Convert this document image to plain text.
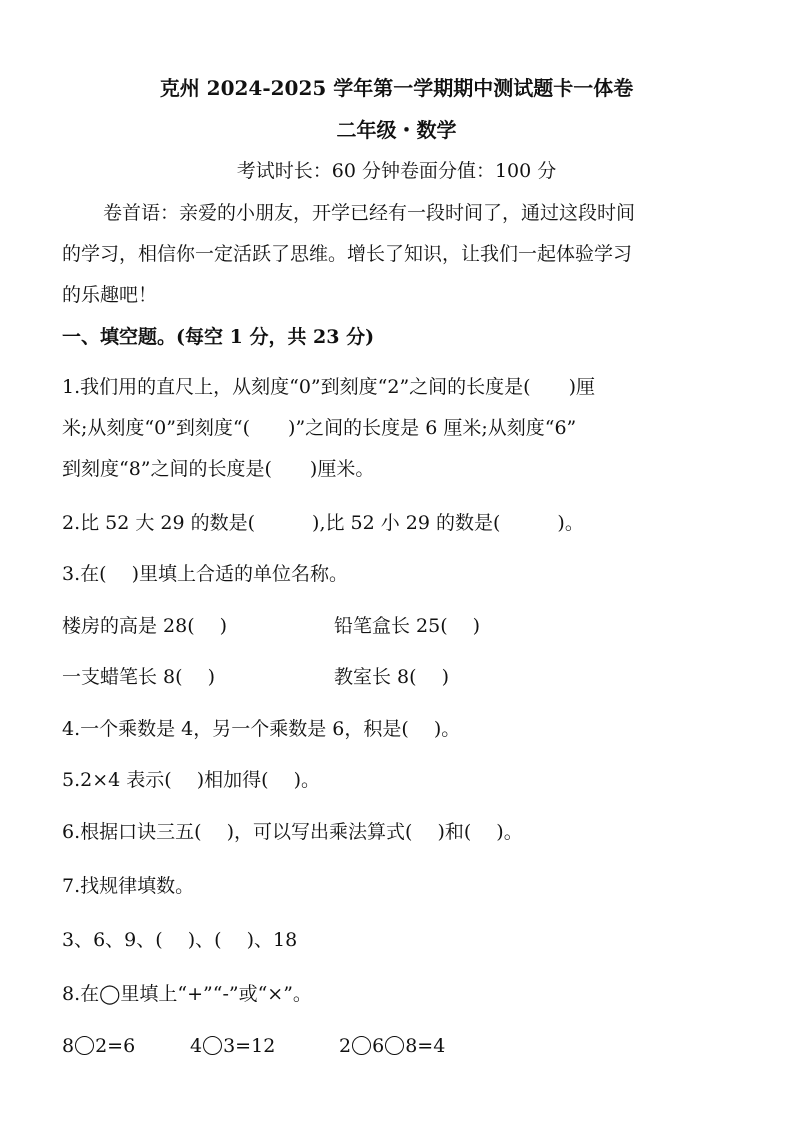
克州 2024-2025 学年第一学期期中测试题卡一体卷
二年级・数学
考试时长：60 分钟卷面分值：100 分
卷首语：亲爱的小朋友，开学已经有一段时间了，通过这段时间
的学习，相信你一定活跃了思维。增长了知识，让我们一起体验学习
的乐趣吧！
一、填空题。(每空 1 分，共 23 分)
1.我们用的直尺上，从刻度“0”到刻度“2”之间的长度是(　　)厘
米;从刻度“0”到刻度“(　　)”之间的长度是 6 厘米;从刻度“6”
到刻度“8”之间的长度是(　　)厘米。
2.比 52 大 29 的数是(　　　),比 52 小 29 的数是(　　　)。
3.在(　 )里填上合适的单位名称。
楼房的高是 28(　 )	铅笔盒长 25(　 )
一支蜡笔长 8(　 )	教室长 8(　 )
4.一个乘数是 4，另一个乘数是 6，积是(　 )。
5.2×4 表示(　 )相加得(　 )。
6.根据口诀三五(　 )，可以写出乘法算式(　 )和(　 )。
7.找规律填数。
3、6、9、(　 )、(　 )、18
8.在◯里填上“+”“-”或“×”。
8 2=6	4 3=12	2 6 8=4
